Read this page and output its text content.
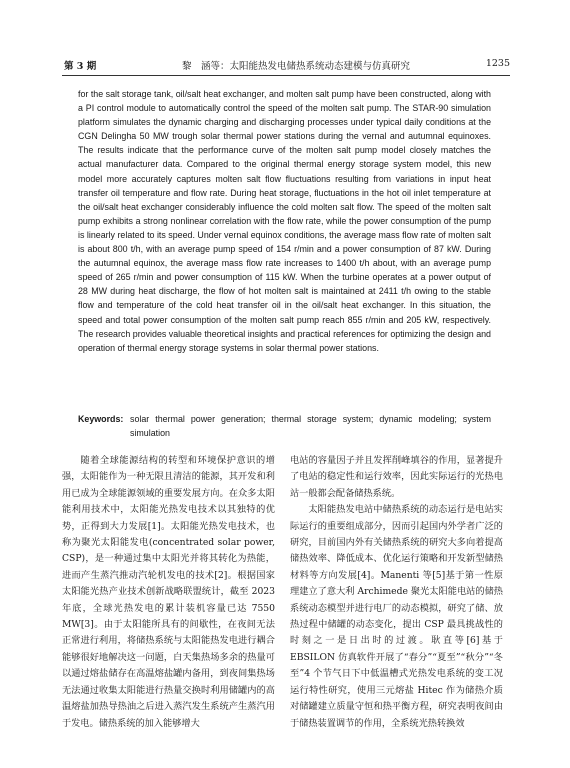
第 3 期	黎　涵等：太阳能热发电储热系统动态建模与仿真研究	1235
for the salt storage tank, oil/salt heat exchanger, and molten salt pump have been constructed, along with a PI control module to automatically control the speed of the molten salt pump. The STAR-90 simulation platform simulates the dynamic charging and discharging processes under typical daily conditions at the CGN Delingha 50 MW trough solar thermal power stations during the vernal and autumnal equinoxes. The results indicate that the performance curve of the molten salt pump model closely matches the actual manufacturer data. Compared to the original thermal energy storage system model, this new model more accurately captures molten salt flow fluctuations resulting from variations in input heat transfer oil temperature and flow rate. During heat storage, fluctuations in the hot oil inlet temperature at the oil/salt heat exchanger considerably influence the cold molten salt flow. The speed of the molten salt pump exhibits a strong nonlinear correlation with the flow rate, while the power consumption of the pump is linearly related to its speed. Under vernal equinox conditions, the average mass flow rate of molten salt is about 800 t/h, with an average pump speed of 154 r/min and a power consumption of 87 kW. During the autumnal equinox, the average mass flow rate increases to 1400 t/h about, with an average pump speed of 265 r/min and power consumption of 115 kW. When the turbine operates at a power output of 28 MW during heat discharge, the flow of hot molten salt is maintained at 2411 t/h owing to the stable flow and temperature of the cold heat transfer oil in the oil/salt heat exchanger. In this situation, the speed and total power consumption of the molten salt pump reach 855 r/min and 205 kW, respectively. The research provides valuable theoretical insights and practical references for optimizing the design and operation of thermal energy storage systems in solar thermal power stations.
Keywords: solar thermal power generation; thermal storage system; dynamic modeling; system simulation

随着全球能源结构的转型和环境保护意识的增强，太阳能作为一种无限且清洁的能源，其开发和利用已成为全球能源领域的重要发展方向。在众多太阳能利用技术中，太阳能光热发电技术以其独特的优势，正得到大力发展[1]。太阳能光热发电技术，也称为聚光太阳能发电(concentrated solar power, CSP)，是一种通过集中太阳光并将其转化为热能，进而产生蒸汽推动汽轮机发电的技术[2]。根据国家太阳能光热产业技术创新战略联盟统计，截至 2023 年底，全球光热发电的累计装机容量已达 7550 MW[3]。由于太阳能所具有的间歇性，在夜间无法正常进行利用，将储热系统与太阳能热发电进行耦合能够很好地解决这一问题，白天集热场多余的热量可以通过熔盐储存在高温熔盐罐内备用，到夜间集热场无法通过收集太阳能进行热量交换时利用储罐内的高温熔盐加热导热油之后进入蒸汽发生系统产生蒸汽用于发电。储热系统的加入能够增大

电站的容量因子并且发挥削峰填谷的作用，显著提升了电站的稳定性和运行效率，因此实际运行的光热电站一般都会配备储热系统。

太阳能热发电站中储热系统的动态运行是电站实际运行的重要组成部分，因而引起国内外学者广泛的研究，目前国内外有关储热系统的研究大多向着提高储热效率、降低成本、优化运行策略和开发新型储热材料等方向发展[4]。Manenti 等[5]基于第一性原理建立了意大利 Archimede 聚光太阳能电站的储热系统动态模型并进行电厂的动态模拟，研究了储、放热过程中储罐的动态变化，提出 CSP 最具挑战性的时刻之一是日出时的过渡。耿直等[6]基于 EBSILON 仿真软件开展了“春分”“夏至”“秋分”“冬至”4 个节气日下中低温槽式光热发电系统的变工况运行特性研究，使用三元熔盐 Hitec 作为储热介质对储罐建立质量守恒和热平衡方程，研究表明夜间由于储热装置调节的作用，全系统光热转换效
